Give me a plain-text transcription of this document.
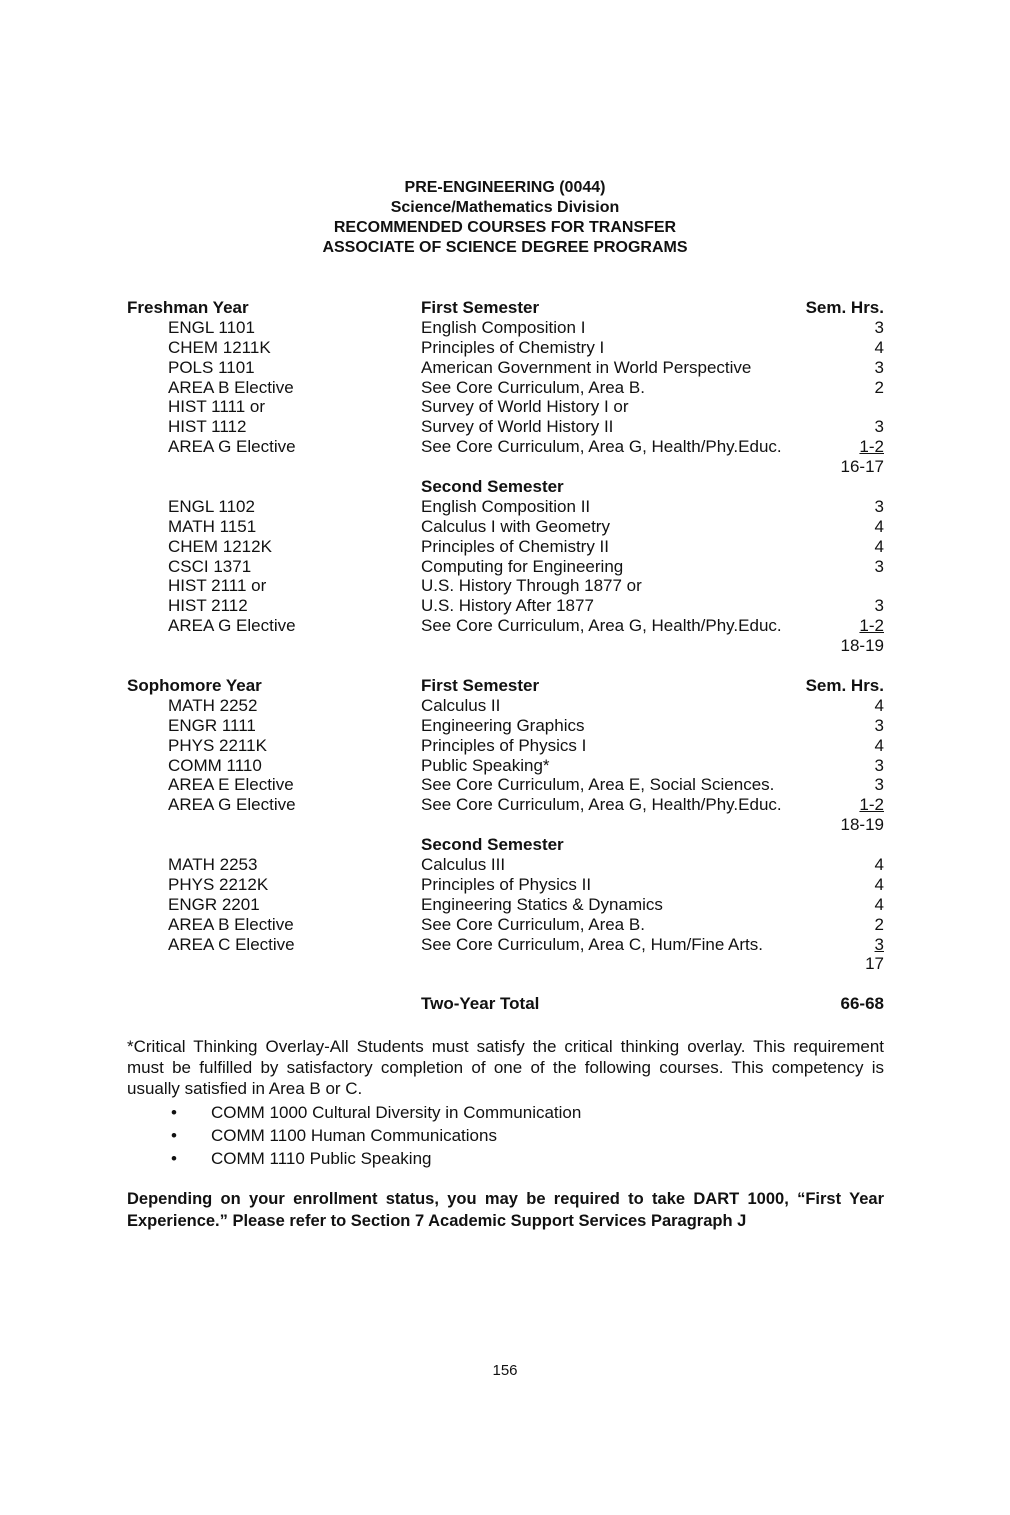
PRE-ENGINEERING (0044)
Science/Mathematics Division
RECOMMENDED COURSES FOR TRANSFER
ASSOCIATE OF SCIENCE DEGREE PROGRAMS
Freshman Year	First Semester	Sem. Hrs.
ENGL 1101	English Composition I	3
CHEM 1211K	Principles of Chemistry I	4
POLS 1101	American Government in World Perspective	3
AREA B Elective	See Core Curriculum, Area B.	2
HIST 1111 or	Survey of World History I or
HIST 1112	Survey of World History II	3
AREA G Elective	See Core Curriculum, Area G, Health/Phy.Educ.	1-2
16-17
Second Semester
ENGL 1102	English Composition II	3
MATH 1151	Calculus I with Geometry	4
CHEM 1212K	Principles of Chemistry II	4
CSCI 1371	Computing for Engineering	3
HIST 2111 or	U.S. History Through 1877 or
HIST 2112	U.S. History After 1877	3
AREA G Elective	See Core Curriculum, Area G, Health/Phy.Educ.	1-2
18-19
Sophomore Year	First Semester	Sem. Hrs.
MATH 2252	Calculus II	4
ENGR 1111	Engineering Graphics	3
PHYS 2211K	Principles of Physics I	4
COMM 1110	Public Speaking*	3
AREA E Elective	See Core Curriculum, Area E, Social Sciences.	3
AREA G Elective	See Core Curriculum, Area G, Health/Phy.Educ.	1-2
18-19
Second Semester
MATH 2253	Calculus III	4
PHYS 2212K	Principles of Physics II	4
ENGR 2201	Engineering Statics & Dynamics	4
AREA B Elective	See Core Curriculum, Area B.	2
AREA C Elective	See Core Curriculum, Area C, Hum/Fine Arts.	3
17
Two-Year Total	66-68
*Critical Thinking Overlay-All Students must satisfy the critical thinking overlay. This requirement must be fulfilled by satisfactory completion of one of the following courses. This competency is usually satisfied in Area B or C.
• COMM 1000 Cultural Diversity in Communication
• COMM 1100 Human Communications
• COMM 1110 Public Speaking
Depending on your enrollment status, you may be required to take DART 1000, “First Year Experience.” Please refer to Section 7 Academic Support Services Paragraph J
156
